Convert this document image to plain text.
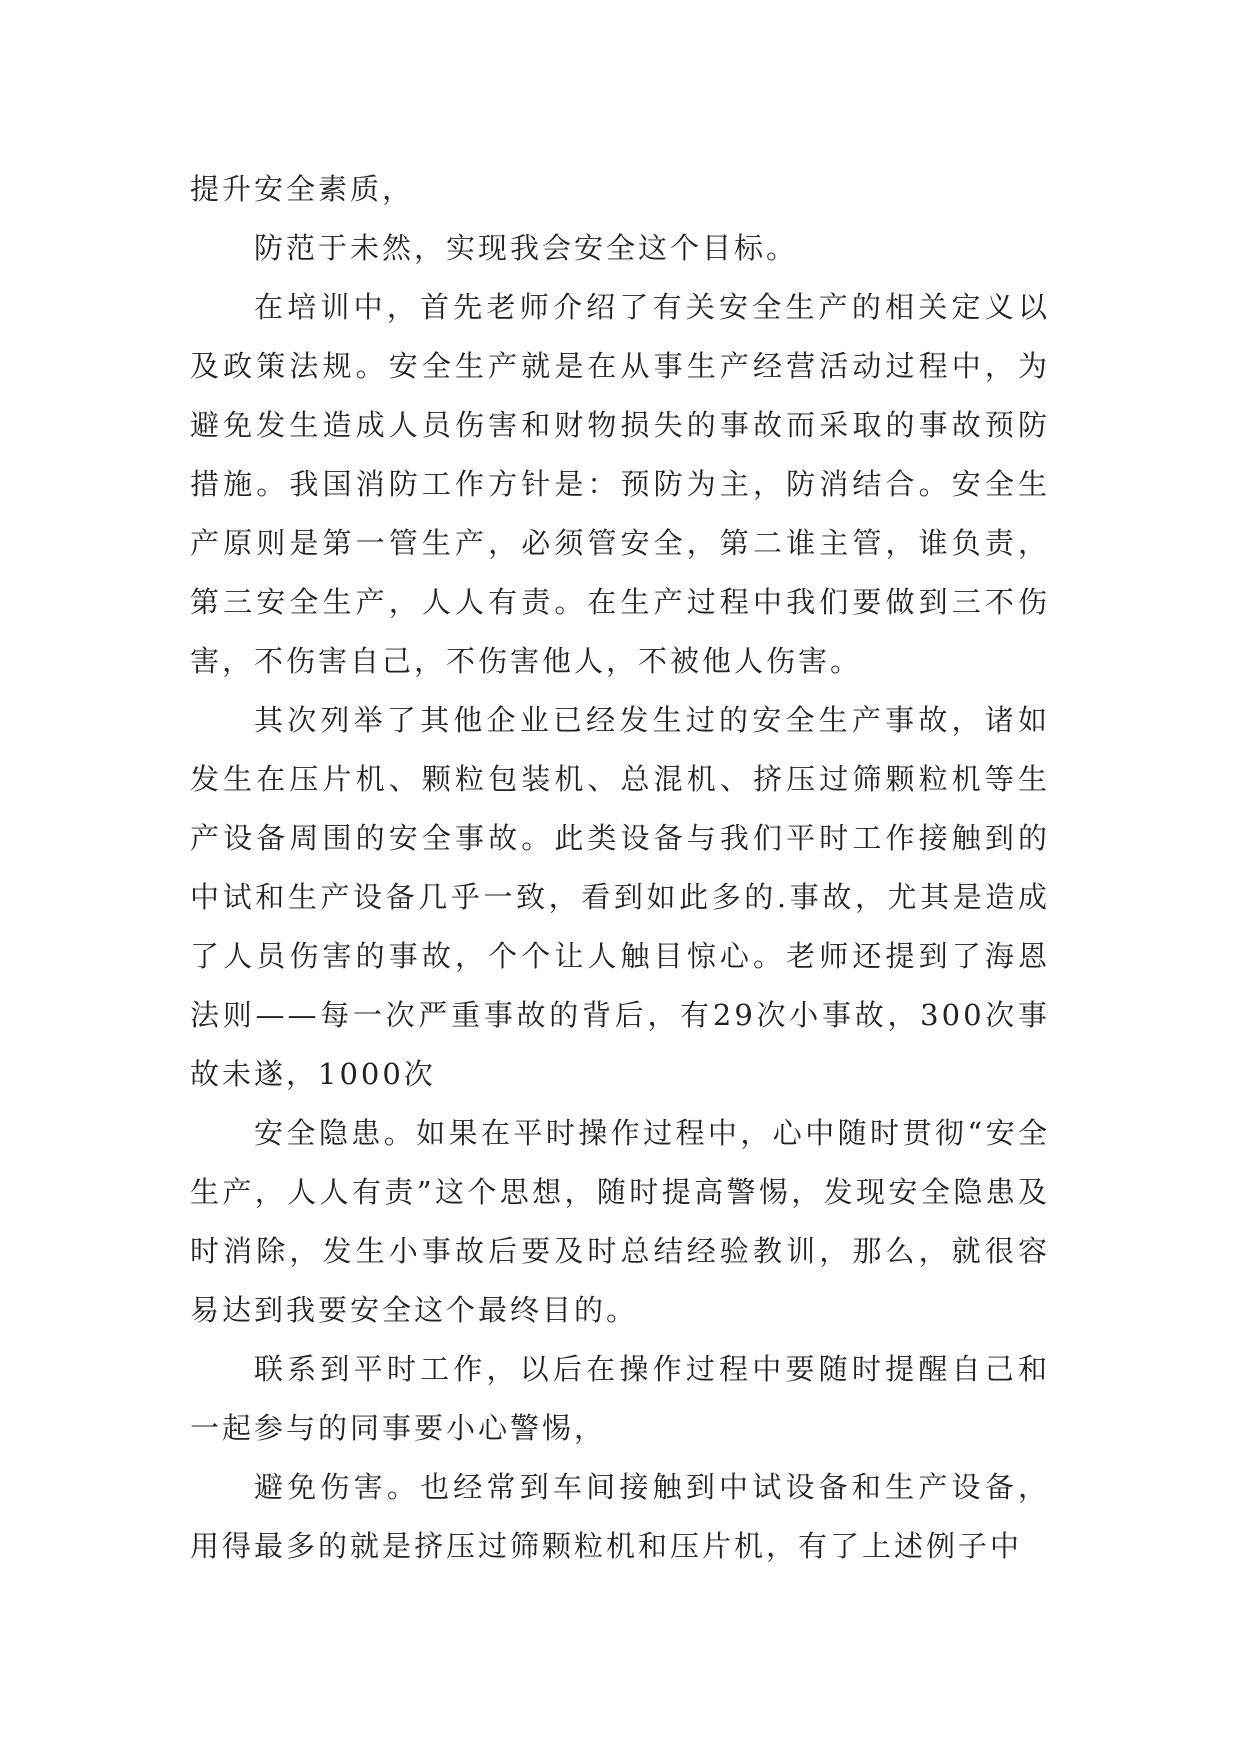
提升安全素质，

防范于未然，实现我会安全这个目标。

在培训中，首先老师介绍了有关安全生产的相关定义以及政策法规。安全生产就是在从事生产经营活动过程中，为避免发生造成人员伤害和财物损失的事故而采取的事故预防措施。我国消防工作方针是：预防为主，防消结合。安全生产原则是第一管生产，必须管安全，第二谁主管，谁负责，第三安全生产，人人有责。在生产过程中我们要做到三不伤害，不伤害自己，不伤害他人，不被他人伤害。

其次列举了其他企业已经发生过的安全生产事故，诸如发生在压片机、颗粒包装机、总混机、挤压过筛颗粒机等生产设备周围的安全事故。此类设备与我们平时工作接触到的中试和生产设备几乎一致，看到如此多的.事故，尤其是造成了人员伤害的事故，个个让人触目惊心。老师还提到了海恩法则——每一次严重事故的背后，有29次小事故，300次事故未遂，1000次

安全隐患。如果在平时操作过程中，心中随时贯彻“安全生产，人人有责”这个思想，随时提高警惕，发现安全隐患及时消除，发生小事故后要及时总结经验教训，那么，就很容易达到我要安全这个最终目的。

联系到平时工作，以后在操作过程中要随时提醒自己和一起参与的同事要小心警惕，

避免伤害。也经常到车间接触到中试设备和生产设备，用得最多的就是挤压过筛颗粒机和压片机，有了上述例子中
